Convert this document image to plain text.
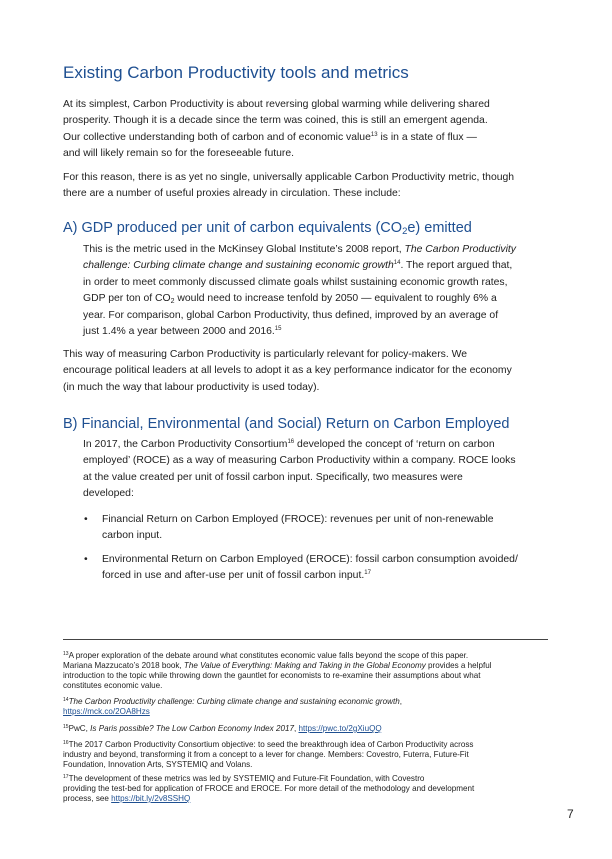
Existing Carbon Productivity tools and metrics

At its simplest, Carbon Productivity is about reversing global warming while delivering shared
prosperity. Though it is a decade since the term was coined, this is still an emergent agenda.
Our collective understanding both of carbon and of economic value$^{13}$ is in a state of flux —
and will likely remain so for the foreseeable future.

For this reason, there is as yet no single, universally applicable Carbon Productivity metric, though
there are a number of useful proxies already in circulation. These include:

A) GDP produced per unit of carbon equivalents $(CO_2e)$ emitted

This is the metric used in the McKinsey Global Institute’s 2008 report, The Carbon Productivity
challenge: Curbing climate change and sustaining economic growth$^{14}$. The report argued that,
in order to meet commonly discussed climate goals whilst sustaining economic growth rates,
GDP per ton of $CO_2$ would need to increase tenfold by 2050 — equivalent to roughly 6% a
year. For comparison, global Carbon Productivity, thus defined, improved by an average of
just 1.4% a year between 2000 and 2016.15

This way of measuring Carbon Productivity is particularly relevant for policy-makers. We
encourage political leaders at all levels to adopt it as a key performance indicator for the economy
(in much the way that labour productivity is used today).

B) Financial, Environmental (and Social) Return on Carbon Employed

In 2017, the Carbon Productivity Consortium$^{16}$ developed the concept of ‘return on carbon
employed’ (ROCE) as a way of measuring Carbon Productivity within a company. ROCE looks
at the value created per unit of fossil carbon input. Specifically, two measures were
developed:

• Financial Return on Carbon Employed (FROCE): revenues per unit of non-renewable
carbon input.
• Environmental Return on Carbon Employed (EROCE): fossil carbon consumption avoided/
forced in use and after-use per unit of fossil carbon input.$^{17}$
$^{13}$A proper exploration of the debate around what constitutes economic value falls beyond the scope of this paper.
Mariana Mazzucato’s 2018 book, The Value of Everything: Making and Taking in the Global Economy provides a helpful
introduction to the topic while throwing down the gauntlet for economists to re-examine their assumptions about what
constitutes economic value.
$^{14}$The Carbon Productivity challenge: Curbing climate change and sustaining economic growth,
https://mck.co/2OA8Hzs
$^{15}$PwC, Is Paris possible? The Low Carbon Economy Index 2017, https://pwc.to/2gXiuQQ
$^{16}$The 2017 Carbon Productivity Consortium objective: to seed the breakthrough idea of Carbon Productivity across
industry and beyond, transforming it from a concept to a lever for change. Members: Covestro, Futerra, Future-Fit
Foundation, Innovation Arts, SYSTEMIQ and Volans.
$^{17}$The development of these metrics was led by SYSTEMIQ and Future-Fit Foundation, with Covestro
providing the test-bed for application of FROCE and EROCE. For more detail of the methodology and development
process, see https://bit.ly/2v8SSHQ
7
